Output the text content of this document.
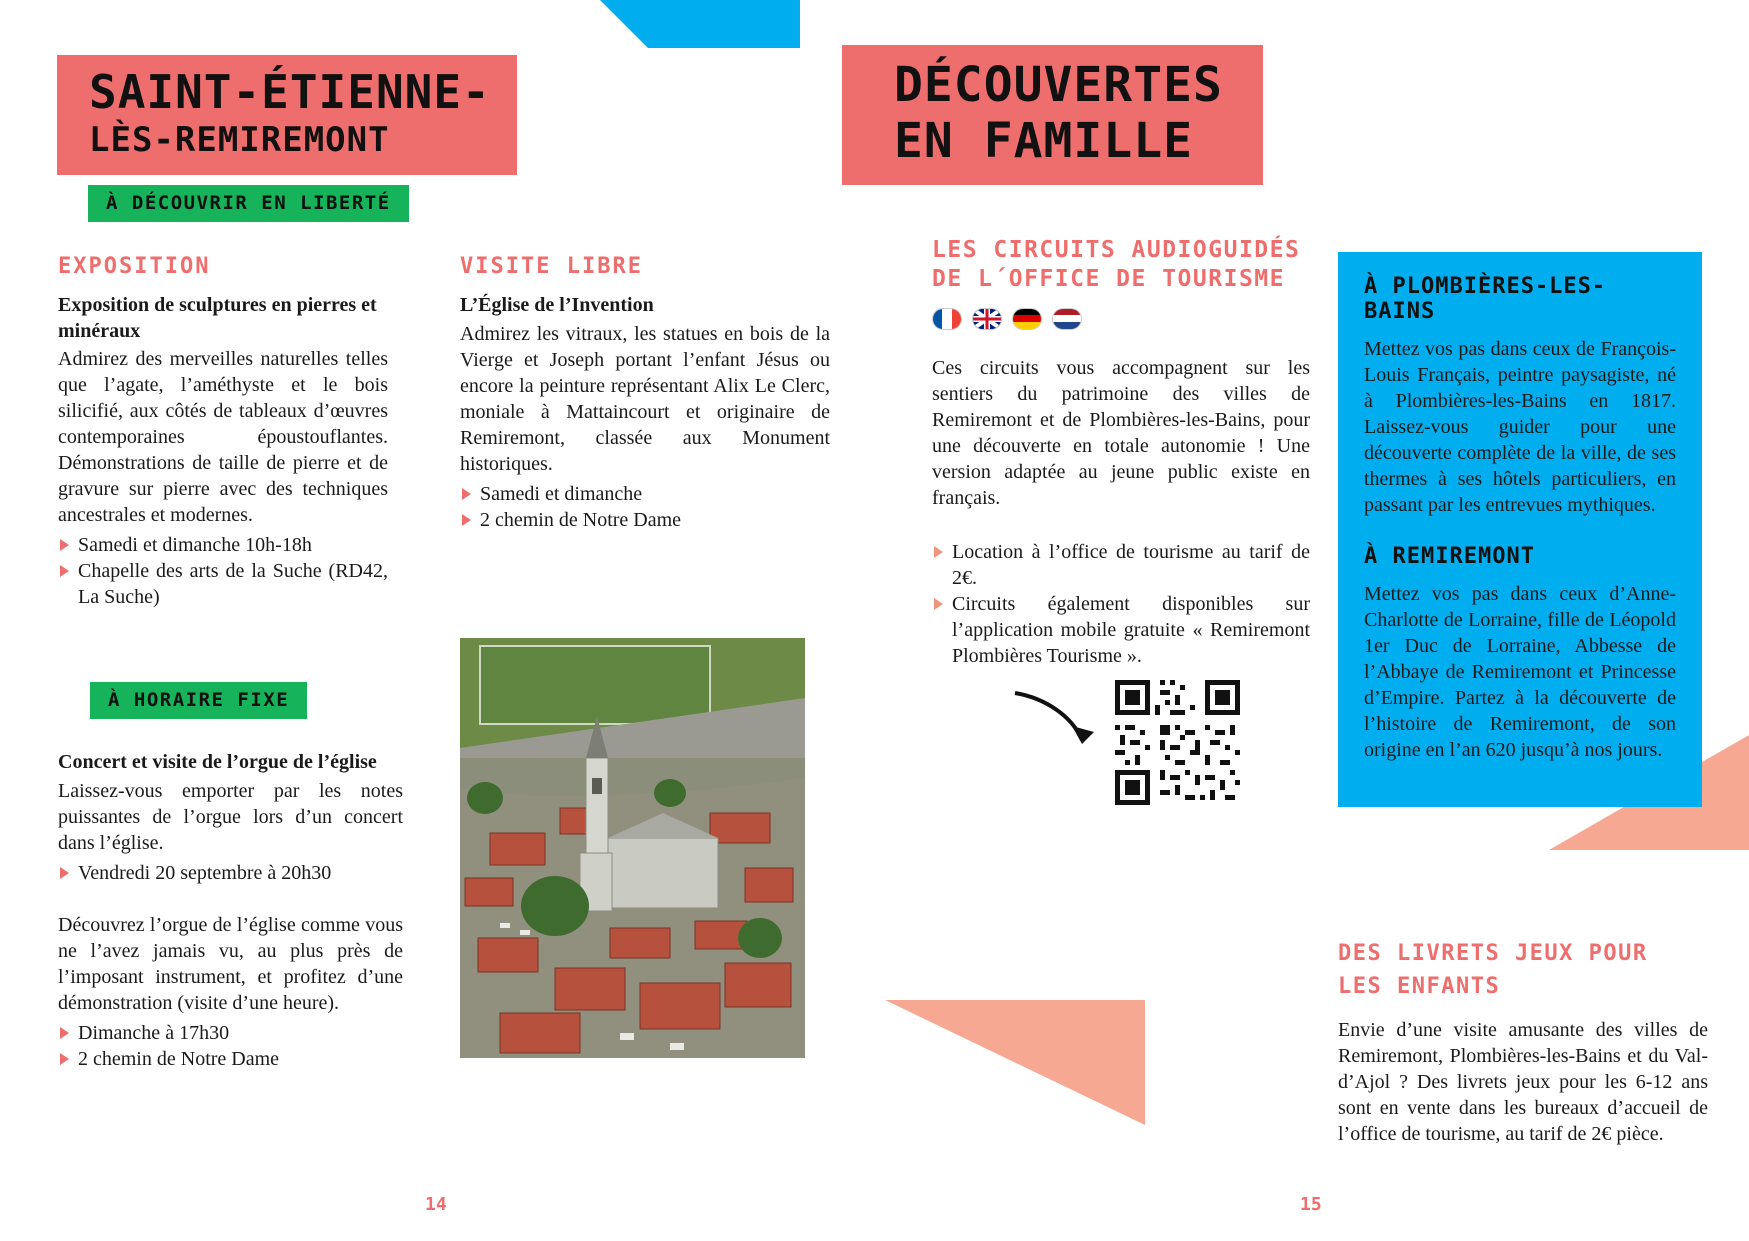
SAINT-ÉTIENNE-
LÈS-REMIREMONT
À DÉCOUVRIR EN LIBERTÉ
EXPOSITION

Exposition de sculptures en pierres et minéraux

Admirez des merveilles naturelles telles que l’agate, l’améthyste et le bois silicifié, aux côtés de tableaux d’œuvres contemporaines époustouflantes. Démonstrations de taille de pierre et de gravure sur pierre avec des techniques ancestrales et modernes.

Samedi et dimanche 10h-18h
Chapelle des arts de la Suche (RD42, La Suche)
VISITE LIBRE

L’Église de l’Invention

Admirez les vitraux, les statues en bois de la Vierge et Joseph portant l’enfant Jésus ou encore la peinture représentant Alix Le Clerc, moniale à Mattaincourt et originaire de Remiremont, classée aux Monument historiques.

Samedi et dimanche
2 chemin de Notre Dame
À HORAIRE FIXE

Concert et visite de l’orgue de l’église

Laissez-vous emporter par les notes puissantes de l’orgue lors d’un concert dans l’église.

Vendredi 20 septembre à 20h30

Découvrez l’orgue de l’église comme vous ne l’avez jamais vu, au plus près de l’imposant instrument, et profitez d’une démonstration (visite d’une heure).

Dimanche à 17h30
2 chemin de Notre Dame
14
DÉCOUVERTES
EN FAMILLE
LES CIRCUITS AUDIOGUIDÉS
DE L´OFFICE DE TOURISME

Ces circuits vous accompagnent sur les sentiers du patrimoine des villes de Remiremont et de Plombières-les-Bains, pour une découverte en totale autonomie ! Une version adaptée au jeune public existe en français.

Location à l’office de tourisme au tarif de 2€.
Circuits également disponibles sur l’application mobile gratuite « Remiremont Plombières Tourisme ».
À PLOMBIÈRES-LES-BAINS

Mettez vos pas dans ceux de François-Louis Français, peintre paysagiste, né à Plombières-les-Bains en 1817. Laissez-vous guider pour une découverte complète de la ville, de ses thermes à ses hôtels particuliers, en passant par les entrevues mythiques.

À REMIREMONT

Mettez vos pas dans ceux d’Anne-Charlotte de Lorraine, fille de Léopold 1er Duc de Lorraine, Abbesse de l’Abbaye de Remiremont et Princesse d’Empire. Partez à la découverte de l’histoire de Remiremont, de son origine en l’an 620 jusqu’à nos jours.

DES LIVRETS JEUX POUR
LES ENFANTS

Envie d’une visite amusante des villes de Remiremont, Plombières-les-Bains et du Val-d’Ajol ? Des livrets jeux pour les 6-12 ans sont en vente dans les bureaux d’accueil de l’office de tourisme, au tarif de 2€ pièce.

15
